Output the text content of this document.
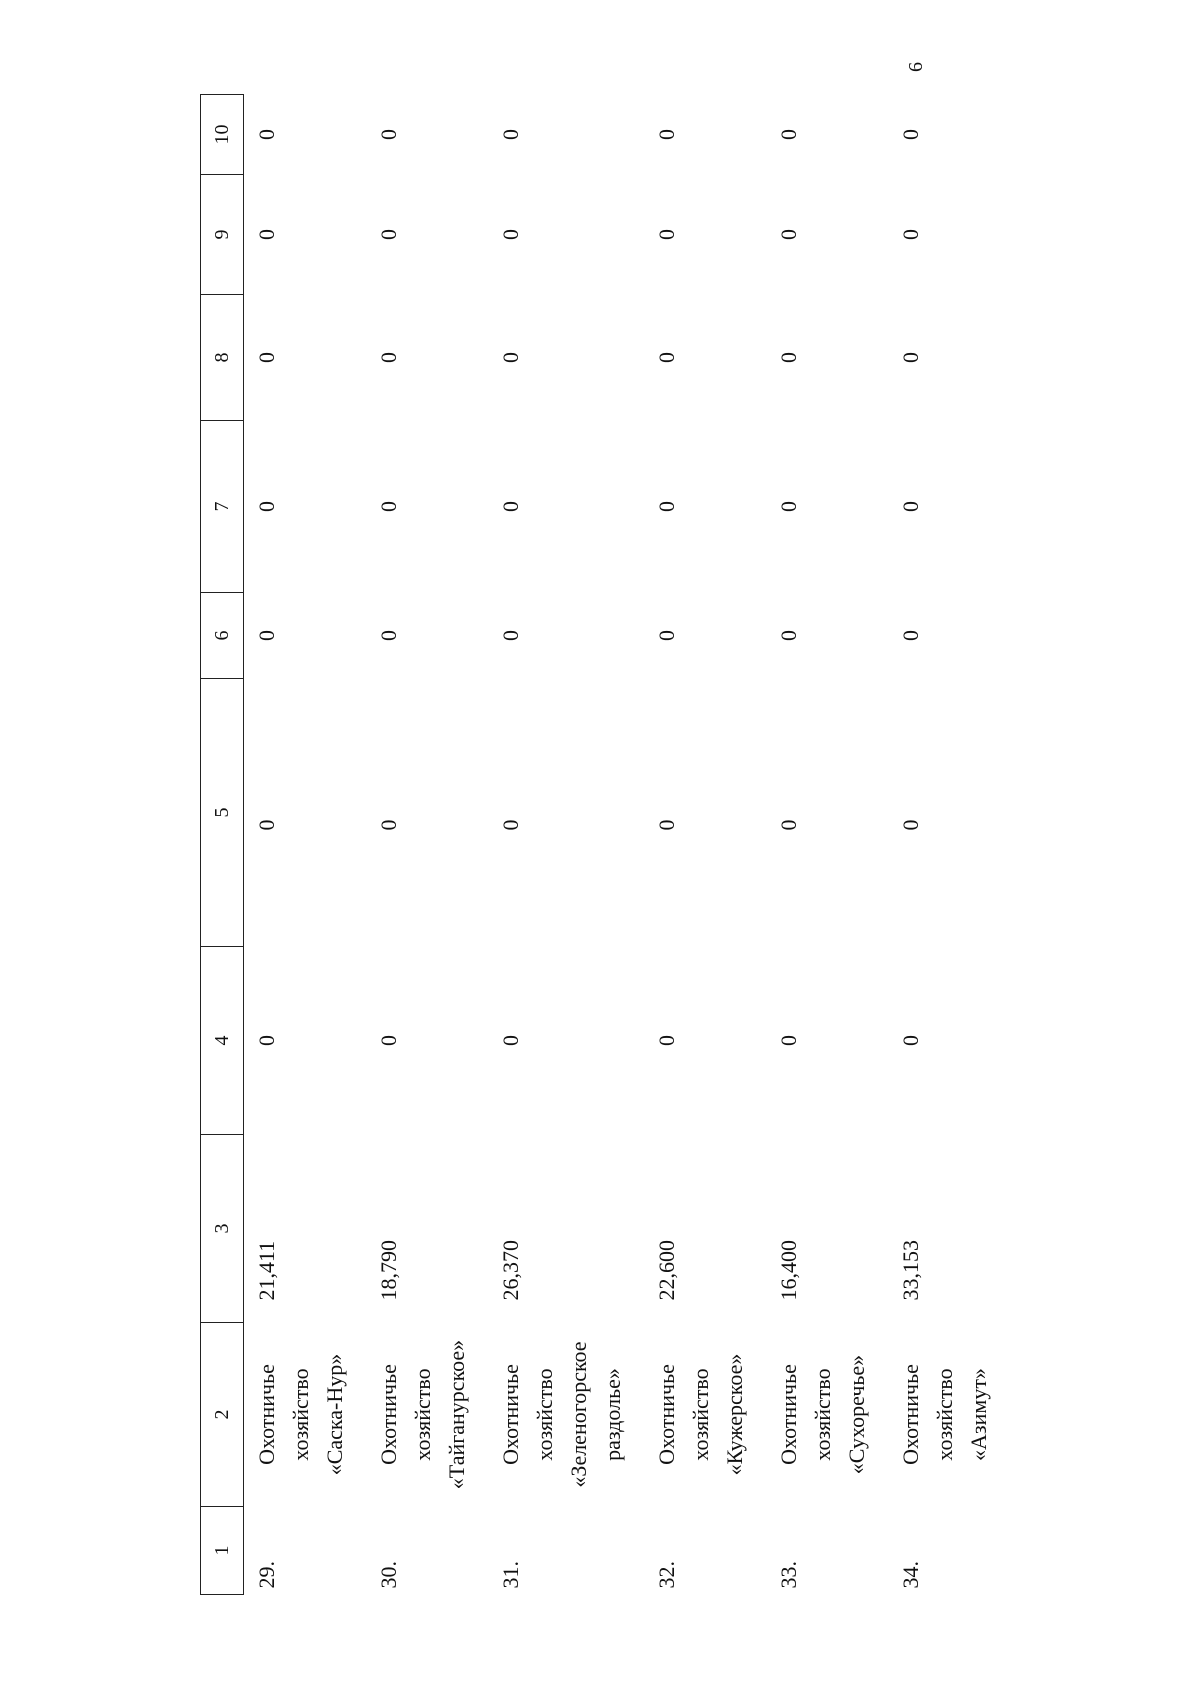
6
1	2	3	4	5	6	7	8	9	10
29.	Охотничье хозяйство «Саска-Нур»	21,411	0	0	0	0	0	0	0
30.	Охотничье хозяйство «Тайганурское»	18,790	0	0	0	0	0	0	0
31.	Охотничье хозяйство «Зеленогорское раздолье»	26,370	0	0	0	0	0	0	0
32.	Охотничье хозяйство «Кужерское»	22,600	0	0	0	0	0	0	0
33.	Охотничье хозяйство «Сухоречье»	16,400	0	0	0	0	0	0	0
34.	Охотничье хозяйство «Азимут»	33,153	0	0	0	0	0	0	0
